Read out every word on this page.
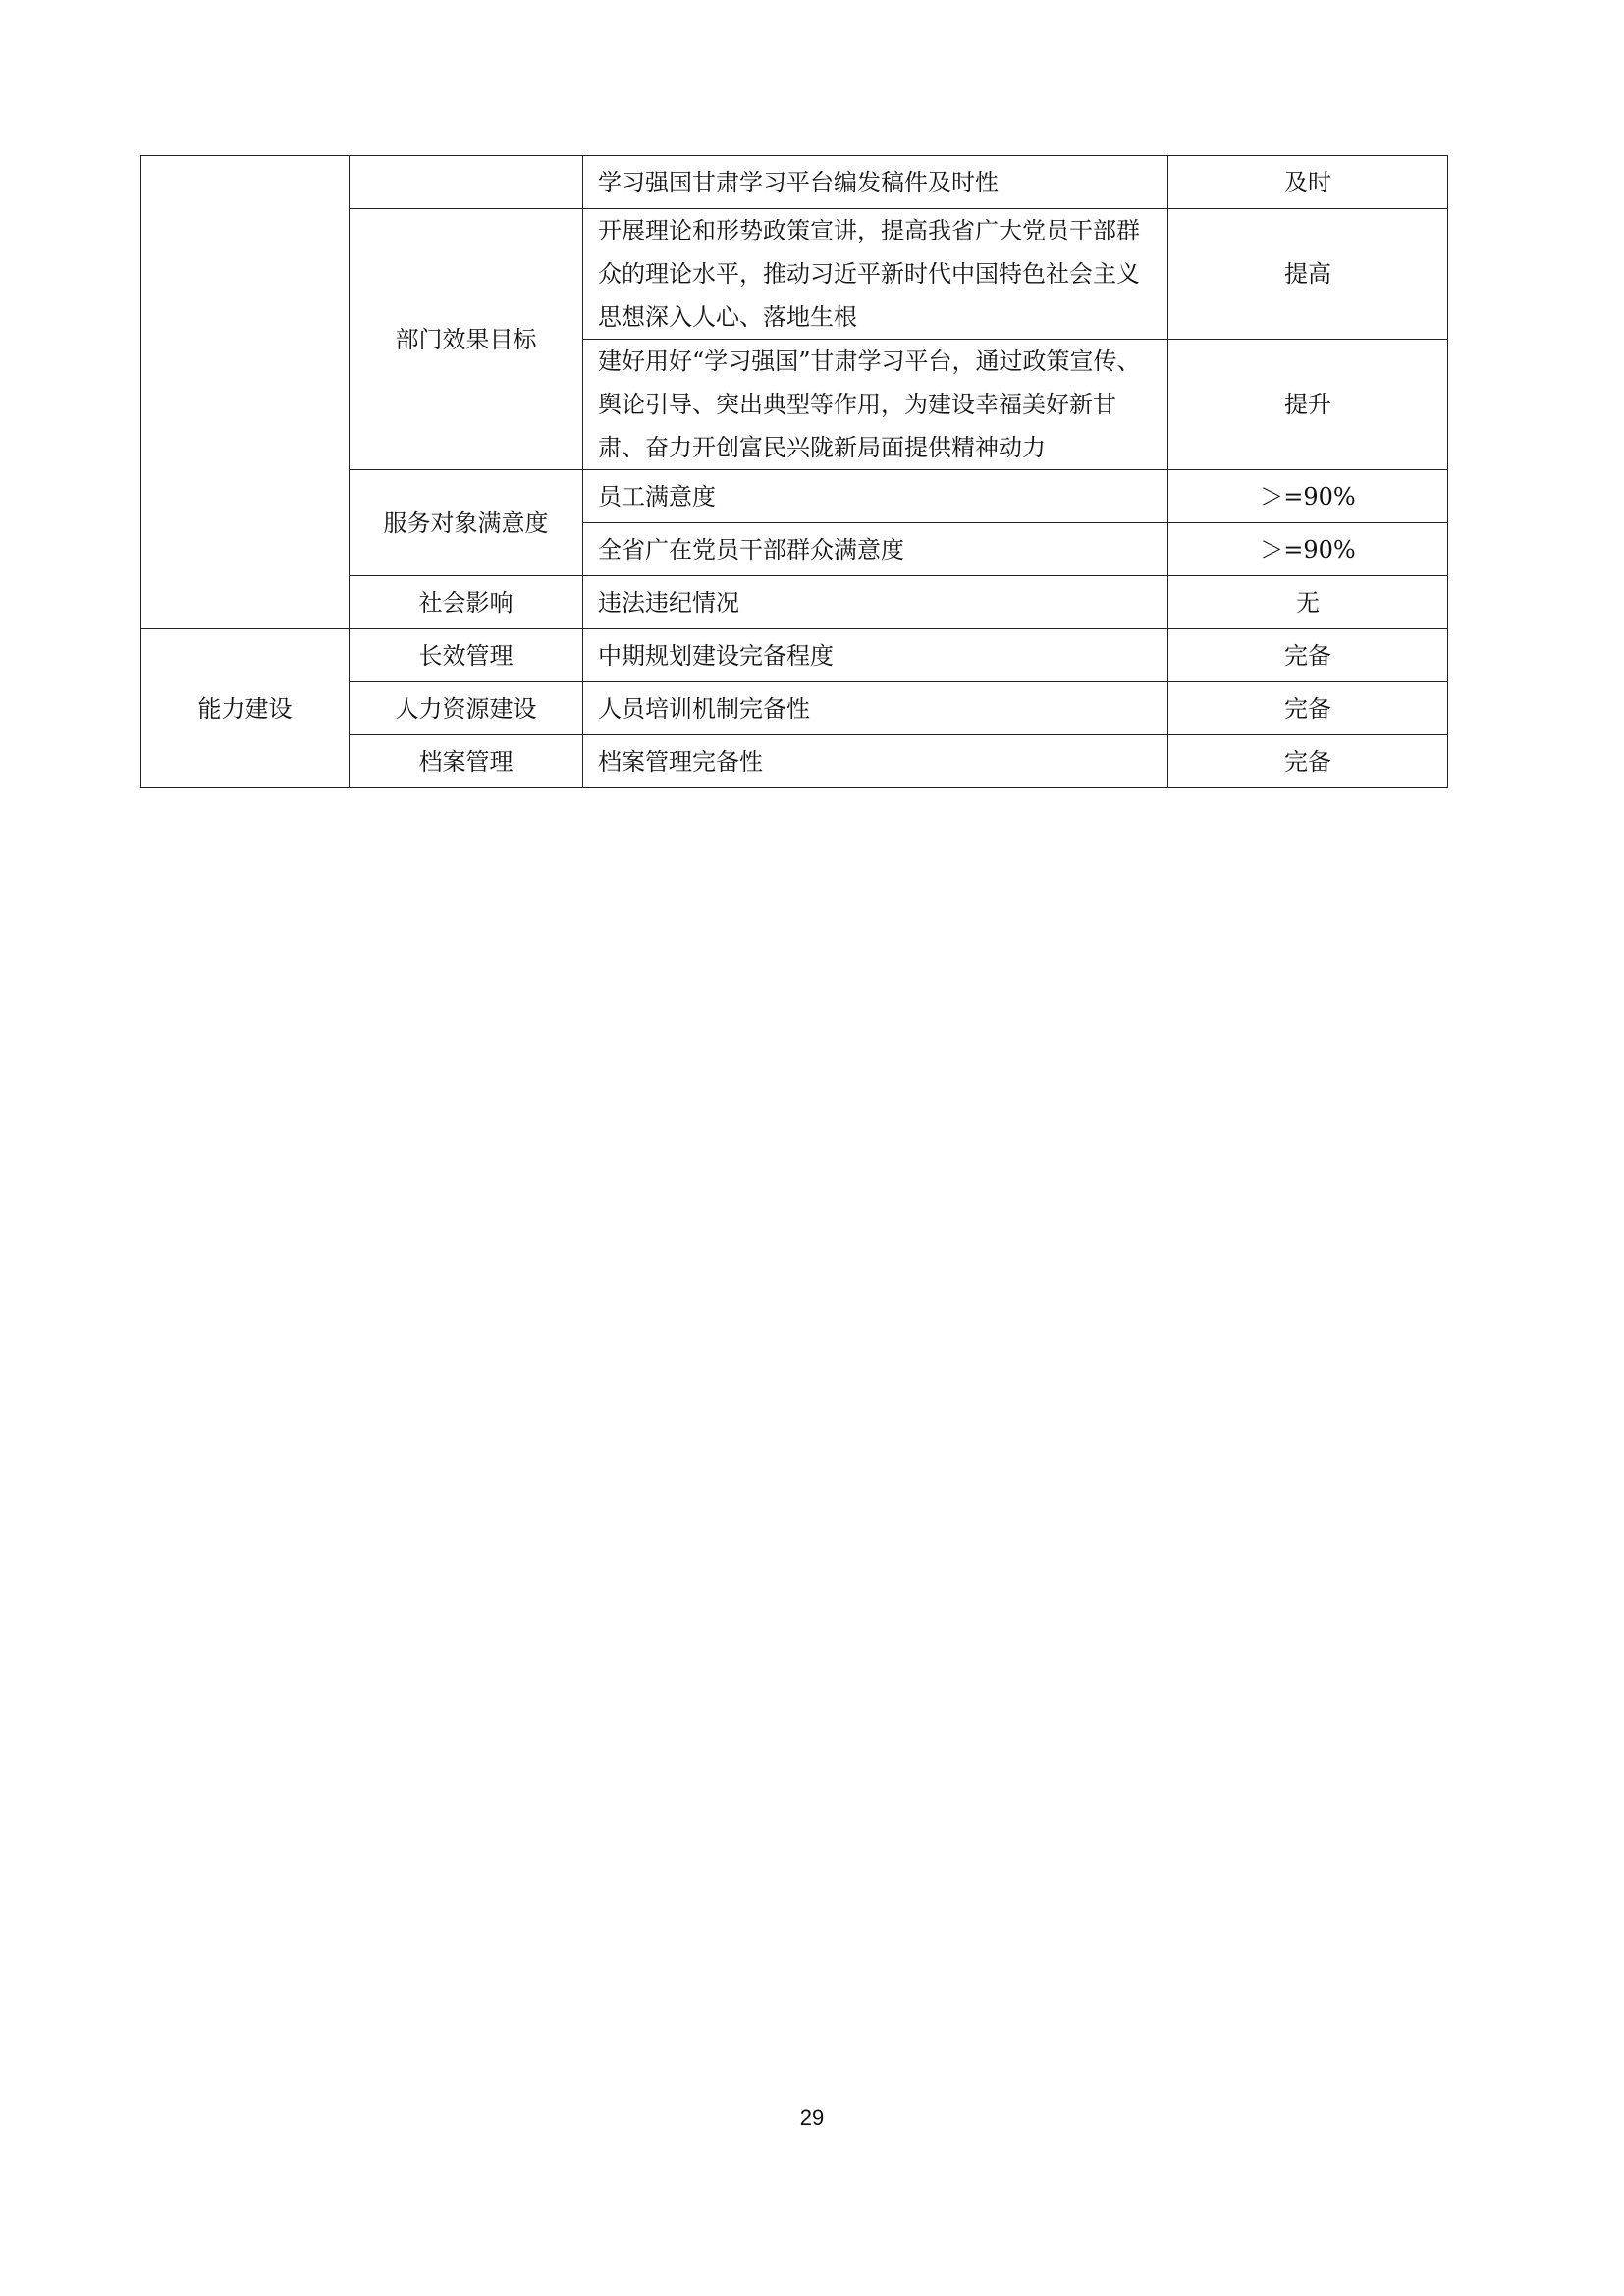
		学习强国甘肃学习平台编发稿件及时性	及时
	部门效果目标	开展理论和形势政策宣讲，提高我省广大党员干部群众的理论水平，推动习近平新时代中国特色社会主义思想深入人心、落地生根	提高
		建好用好“学习强国”甘肃学习平台，通过政策宣传、舆论引导、突出典型等作用，为建设幸福美好新甘肃、奋力开创富民兴陇新局面提供精神动力	提升
	服务对象满意度	员工满意度	＞=90%
		全省广在党员干部群众满意度	＞=90%
	社会影响	违法违纪情况	无
能力建设	长效管理	中期规划建设完备程度	完备
	人力资源建设	人员培训机制完备性	完备
	档案管理	档案管理完备性	完备
29
